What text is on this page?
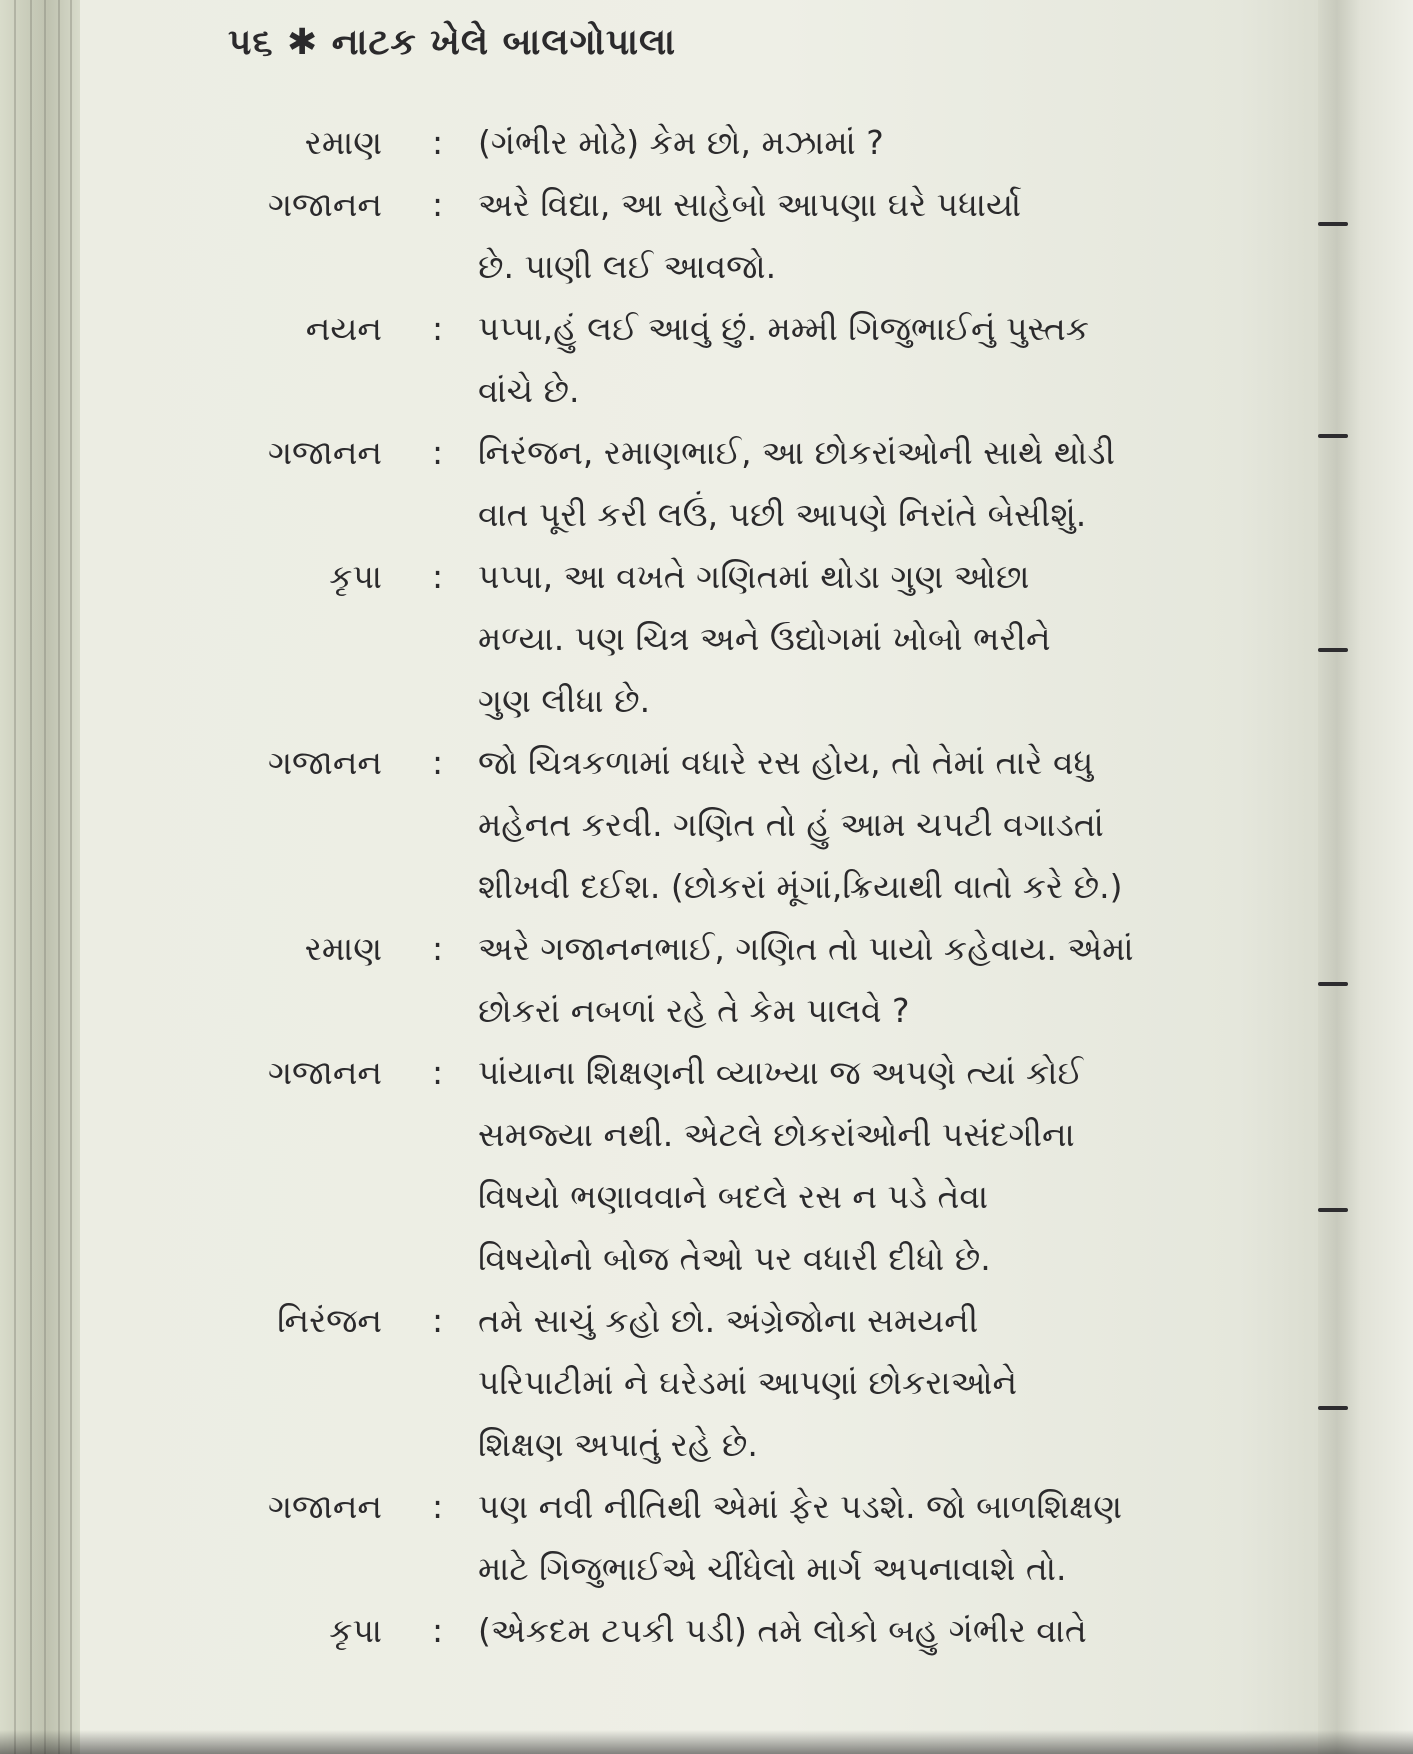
પ૬ ✱ નાટક ખેલે બાલગોપાલા
રમાણ : (ગંભીર મોઢે) કેમ છો, મઝામાં ?
ગજાનન : અરે વિદ્યા, આ સાહેબો આપણા ઘરે પધાર્યા
છે. પાણી લઈ આવજો.
નયન : પપ્પા,હું લઈ આવું છું. મમ્મી ગિજુભાઈનું પુસ્તક
વાંચે છે.
ગજાનન : નિરંજન, રમાણભાઈ, આ છોકરાંઓની સાથે થોડી
વાત પૂરી કરી લઉં, પછી આપણે નિરાંતે બેસીશું.
કૃપા : પપ્પા, આ વખતે ગણિતમાં થોડા ગુણ ઓછા
મળ્યા. પણ ચિત્ર અને ઉદ્યોગમાં ખોબો ભરીને
ગુણ લીધા છે.
ગજાનન : જો ચિત્રકળામાં વધારે રસ હોય, તો તેમાં તારે વધુ
મહેનત કરવી. ગણિત તો હું આમ ચપટી વગાડતાં
શીખવી દઈશ. (છોકરાં મૂંગાં,ક્રિયાથી વાતો કરે છે.)
રમાણ : અરે ગજાનનભાઈ, ગણિત તો પાયો કહેવાય. એમાં
છોકરાં નબળાં રહે તે કેમ પાલવે ?
ગજાનન : પાંયાના શિક્ષણની વ્યાખ્યા જ અપણે ત્યાં કોઈ
સમજ્યા નથી. એટલે છોકરાંઓની પસંદગીના
વિષયો ભણાવવાને બદલે રસ ન પડે તેવા
વિષયોનો બોજ તેઓ પર વધારી દીધો છે.
નિરંજન : તમે સાચું કહો છો. અંગ્રેજોના સમયની
પરિપાટીમાં ને ઘરેડમાં આપણાં છોકરાઓને
શિક્ષણ અપાતું રહે છે.
ગજાનન : પણ નવી નીતિથી એમાં ફેર પડશે. જો બાળશિક્ષણ
માટે ગિજુભાઈએ ચીંધેલો માર્ગ અપનાવાશે તો.
કૃપા : (એકદમ ટપકી પડી) તમે લોકો બહુ ગંભીર વાતે
